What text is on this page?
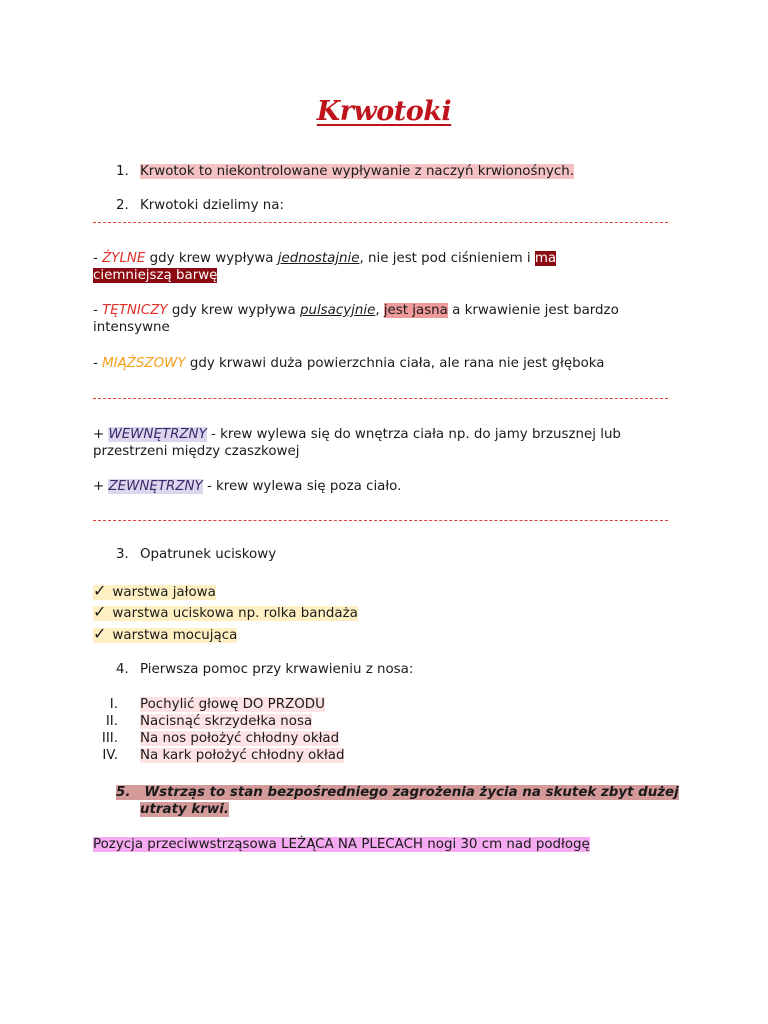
Krwotoki
1. Krwotok to niekontrolowane wypływanie z naczyń krwionośnych.
2. Krwotoki dzielimy na:
- ŻYLNE gdy krew wypływa jednostajnie, nie jest pod ciśnieniem i ma
ciemniejszą barwę
- TĘTNICZY gdy krew wypływa pulsacyjnie, jest jasna a krwawienie jest bardzo
intensywne
- MIĄŻSZOWY gdy krwawi duża powierzchnia ciała, ale rana nie jest głęboka
+ WEWNĘTRZNY - krew wylewa się do wnętrza ciała np. do jamy brzusznej lub
przestrzeni między czaszkowej
+ ZEWNĘTRZNY - krew wylewa się poza ciało.
3. Opatrunek uciskowy
✓ warstwa jałowa
✓ warstwa uciskowa np. rolka bandaża
✓ warstwa mocująca
4. Pierwsza pomoc przy krwawieniu z nosa:
I. Pochylić głowę DO PRZODU
II. Nacisnąć skrzydełka nosa
III. Na nos położyć chłodny okład
IV. Na kark położyć chłodny okład
5. Wstrząs to stan bezpośredniego zagrożenia życia na skutek zbyt dużej
utraty krwi.
Pozycja przeciwwstrząsowa LEŻĄCA NA PLECACH nogi 30 cm nad podłogę
